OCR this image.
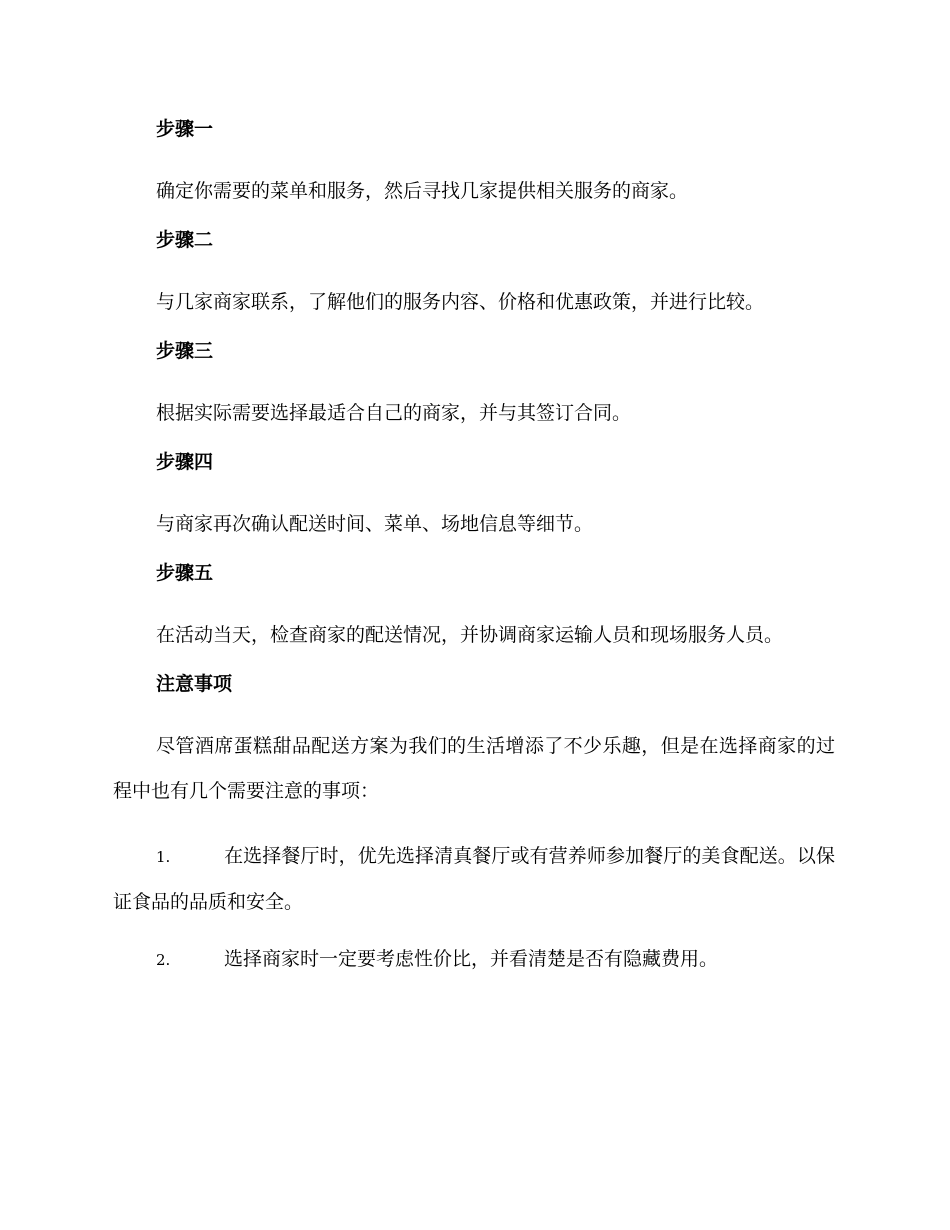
步骤一
确定你需要的菜单和服务，然后寻找几家提供相关服务的商家。
步骤二
与几家商家联系，了解他们的服务内容、价格和优惠政策，并进行比较。
步骤三
根据实际需要选择最适合自己的商家，并与其签订合同。
步骤四
与商家再次确认配送时间、菜单、场地信息等细节。
步骤五
在活动当天，检查商家的配送情况，并协调商家运输人员和现场服务人员。
注意事项
尽管酒席蛋糕甜品配送方案为我们的生活增添了不少乐趣，但是在选择商家的过程中也有几个需要注意的事项：
1.	在选择餐厅时，优先选择清真餐厅或有营养师参加餐厅的美食配送。以保证食品的品质和安全。
2.	选择商家时一定要考虑性价比，并看清楚是否有隐藏费用。
